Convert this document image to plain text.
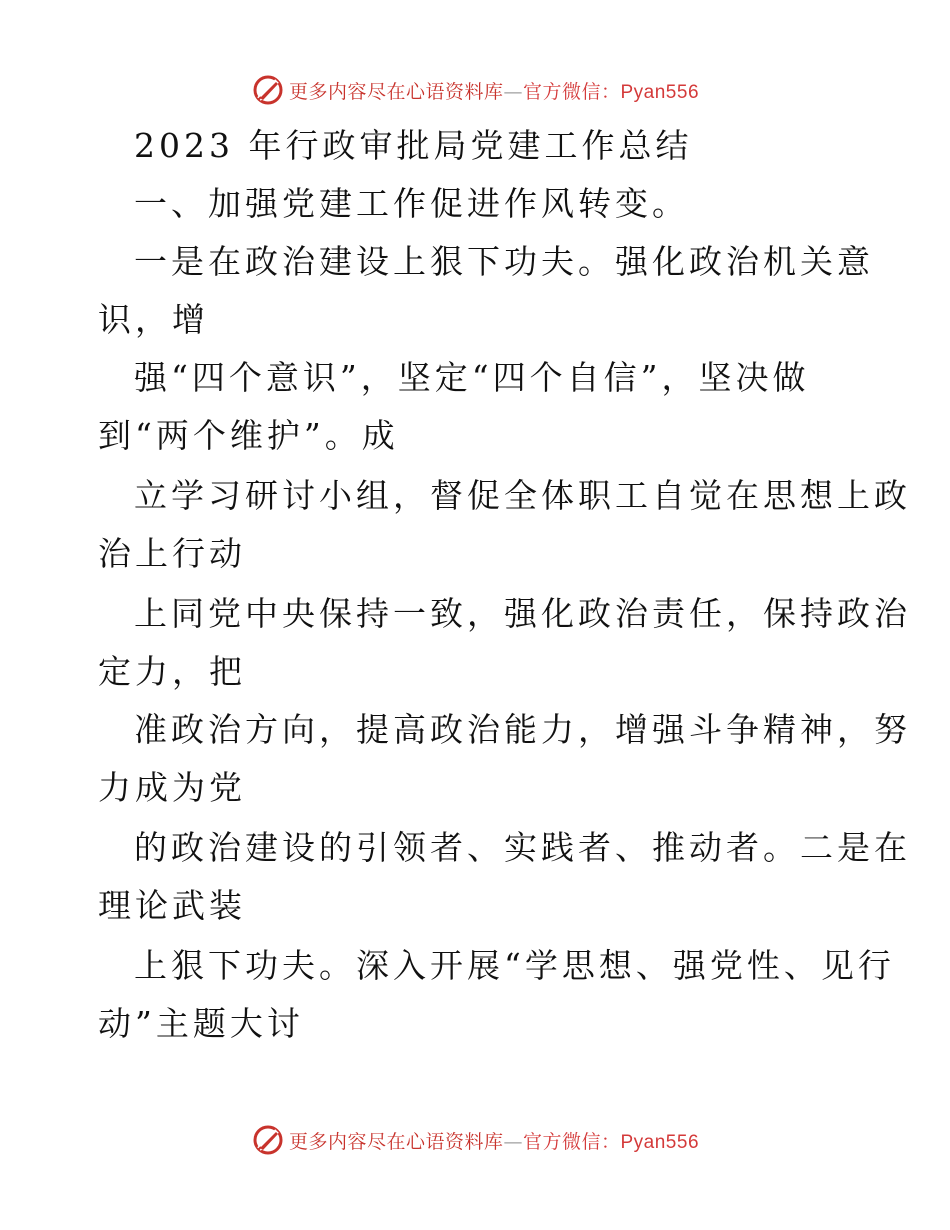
更多内容尽在心语资料库—官方微信：Pyan556
2023 年行政审批局党建工作总结
一、加强党建工作促进作风转变。
一是在政治建设上狠下功夫。强化政治机关意
识，增
强“四个意识”，坚定“四个自信”，坚决做
到“两个维护”。成
立学习研讨小组，督促全体职工自觉在思想上政
治上行动
上同党中央保持一致，强化政治责任，保持政治
定力，把
准政治方向，提高政治能力，增强斗争精神，努
力成为党
的政治建设的引领者、实践者、推动者。二是在
理论武装
上狠下功夫。深入开展“学思想、强党性、见行
动”主题大讨
更多内容尽在心语资料库—官方微信：Pyan556
